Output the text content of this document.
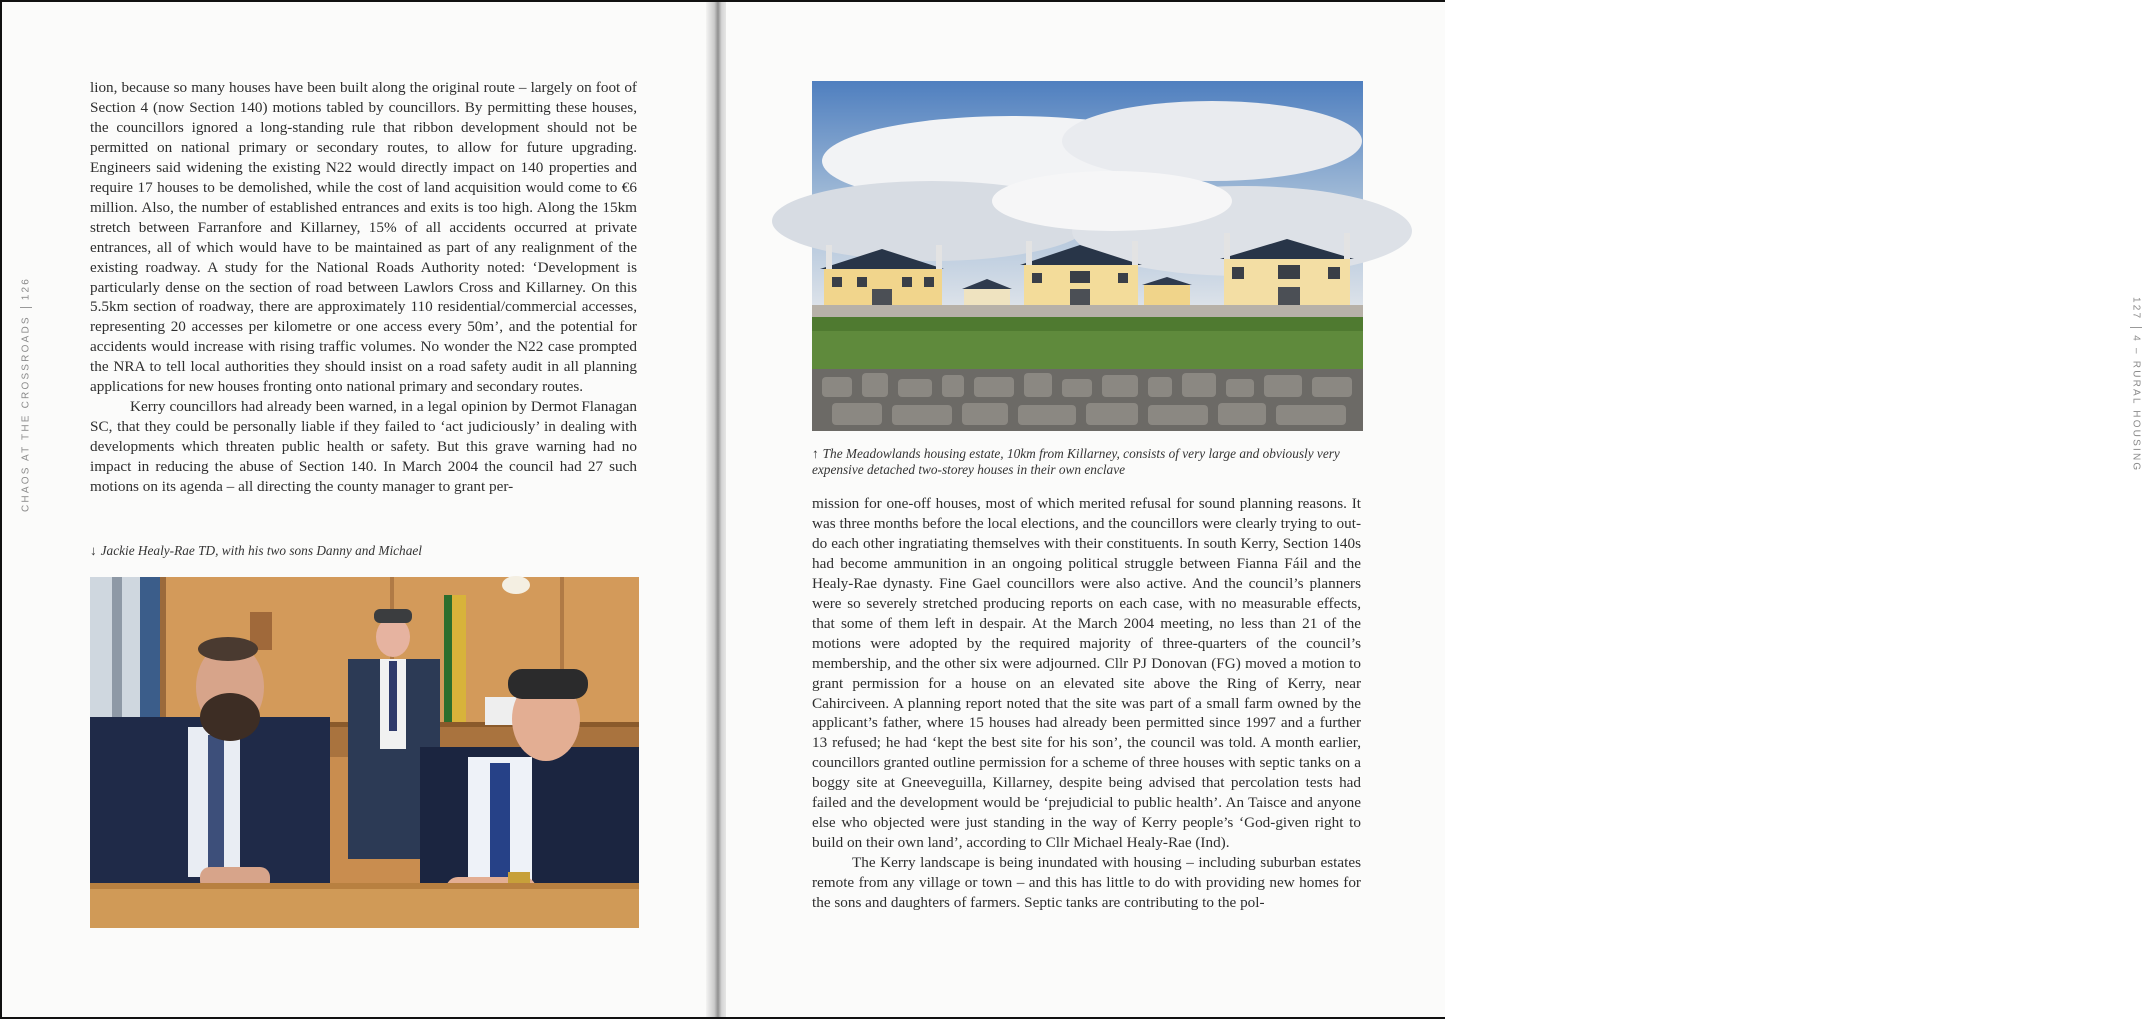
CHAOS AT THE CROSSROADS126

lion, because so many houses have been built along the original route – largely on foot of Section 4 (now Section 140) motions tabled by councillors. By permitting these houses, the councillors ignored a long-standing rule that ribbon development should not be permitted on national primary or secondary routes, to allow for future upgrading. Engineers said widening the existing N22 would directly impact on 140 properties and require 17 houses to be demolished, while the cost of land acquisition would come to €6 million. Also, the number of established entrances and exits is too high. Along the 15km stretch between Farranfore and Killarney, 15% of all accidents occurred at private entrances, all of which would have to be maintained as part of any realignment of the existing roadway. A study for the National Roads Authority noted: ‘Development is particularly dense on the section of road between Lawlors Cross and Killarney. On this 5.5km section of roadway, there are approximately 110 residential/commercial accesses, representing 20 accesses per kilometre or one access every 50m’, and the potential for accidents would increase with rising traffic volumes. No wonder the N22 case prompted the NRA to tell local authorities they should insist on a road safety audit in all planning applications for new houses fronting onto national primary and secondary routes.

Kerry councillors had already been warned, in a legal opinion by Dermot Flanagan SC, that they could be personally liable if they failed to ‘act judiciously’ in dealing with developments which threaten public health or safety. But this grave warning had no impact in reducing the abuse of Section 140. In March 2004 the council had 27 such motions on its agenda – all directing the county manager to grant per-

↓ Jackie Healy-Rae TD, with his two sons Danny and Michael
1274 – RURAL HOUSING
↑ The Meadowlands housing estate, 10km from Killarney, consists of very large and obviously very expensive detached two-storey houses in their own enclave

mission for one-off houses, most of which merited refusal for sound planning reasons. It was three months before the local elections, and the councillors were clearly trying to out-do each other ingratiating themselves with their constituents. In south Kerry, Section 140s had become ammunition in an ongoing political struggle between Fianna Fáil and the Healy-Rae dynasty. Fine Gael councillors were also active. And the council’s planners were so severely stretched producing reports on each case, with no measurable effects, that some of them left in despair. At the March 2004 meeting, no less than 21 of the motions were adopted by the required majority of three-quarters of the council’s membership, and the other six were adjourned. Cllr PJ Donovan (FG) moved a motion to grant permission for a house on an elevated site above the Ring of Kerry, near Cahirciveen. A planning report noted that the site was part of a small farm owned by the applicant’s father, where 15 houses had already been permitted since 1997 and a further 13 refused; he had ‘kept the best site for his son’, the council was told. A month earlier, councillors granted outline permission for a scheme of three houses with septic tanks on a boggy site at Gneeveguilla, Killarney, despite being advised that percolation tests had failed and the development would be ‘prejudicial to public health’. An Taisce and anyone else who objected were just standing in the way of Kerry people’s ‘God-given right to build on their own land’, according to Cllr Michael Healy-Rae (Ind).

The Kerry landscape is being inundated with housing – including suburban estates remote from any village or town – and this has little to do with providing new homes for the sons and daughters of farmers. Septic tanks are contributing to the pol-
